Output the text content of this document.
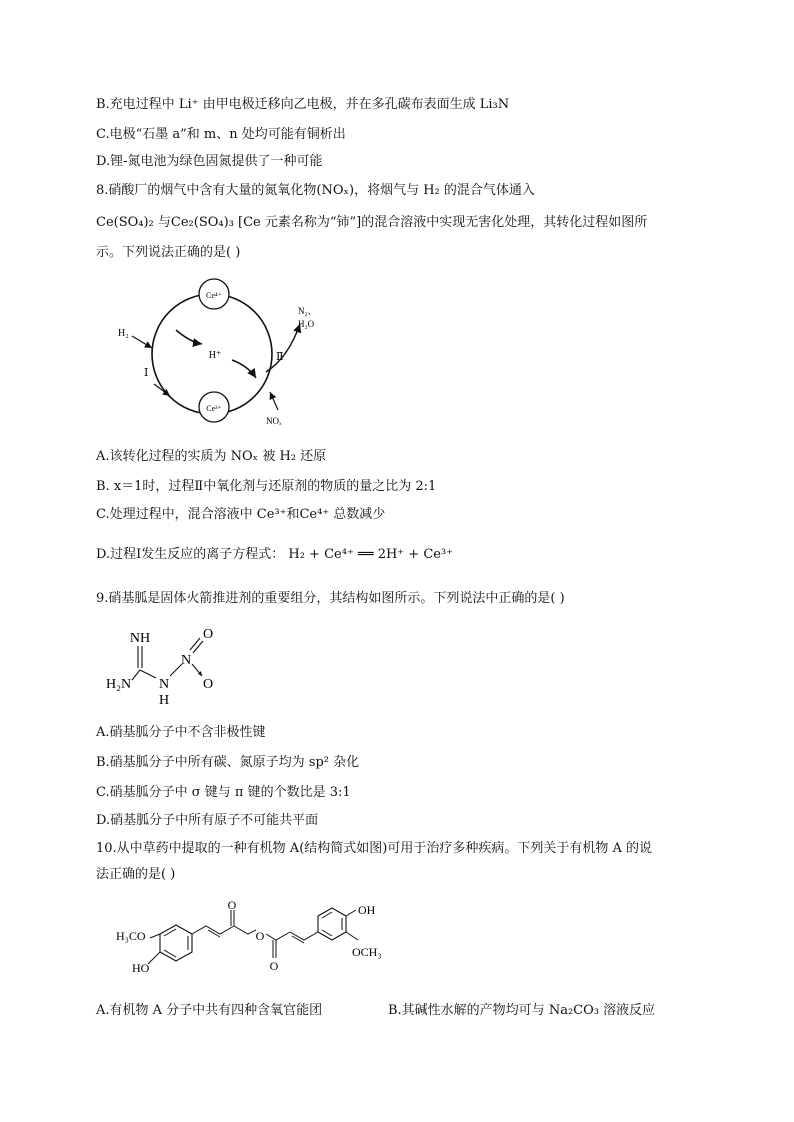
B.充电过程中 Li⁺ 由甲电极迁移向乙电极，并在多孔碳布表面生成 Li₃N
C.电极“石墨 a”和 m、n 处均可能有铜析出
D.锂-氮电池为绿色固氮提供了一种可能
8.硝酸厂的烟气中含有大量的氮氧化物(NOₓ)，将烟气与 H₂ 的混合气体通入
Ce(SO₄)₂ 与Ce₂(SO₄)₃ [Ce 元素名称为“铈”]的混合溶液中实现无害化处理，其转化过程如图所
示。下列说法正确的是( )
Ce⁴⁺
Ce³⁺
H⁺
H₂
Ⅰ
Ⅱ
N₂、
H₂O
NOₓ
A.该转化过程的实质为 NOₓ 被 H₂ 还原
B. x＝1时，过程Ⅱ中氧化剂与还原剂的物质的量之比为 2:1
C.处理过程中，混合溶液中 Ce³⁺和Ce⁴⁺ 总数减少
D.过程Ⅰ发生反应的离子方程式： H₂ + Ce⁴⁺ ══ 2H⁺ + Ce³⁺
9.硝基胍是固体火箭推进剂的重要组分，其结构如图所示。下列说法中正确的是( )
NH
H₂N N
H
N
O
O
A.硝基胍分子中不含非极性键
B.硝基胍分子中所有碳、氮原子均为 sp² 杂化
C.硝基胍分子中 σ 键与 π 键的个数比是 3:1
D.硝基胍分子中所有原子不可能共平面
10.从中草药中提取的一种有机物 A(结构简式如图)可用于治疗多种疾病。下列关于有机物 A 的说
法正确的是( )
H₃CO
HO
O
O
O
OH
OCH₃
A.有机物 A 分子中共有四种含氧官能团	B.其碱性水解的产物均可与 Na₂CO₃ 溶液反应
